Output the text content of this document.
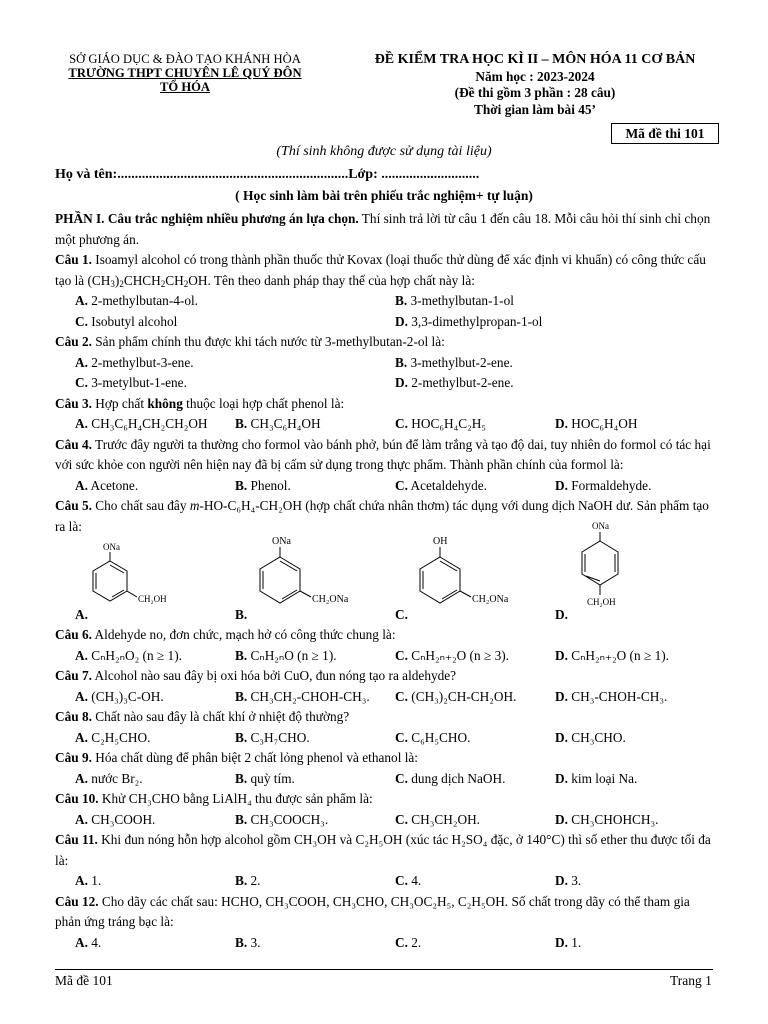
SỞ GIÁO DỤC & ĐÀO TẠO KHÁNH HÒA
TRƯỜNG THPT CHUYÊN LÊ QUÝ ĐÔN
TỔ HÓA
ĐỀ KIỂM TRA HỌC KÌ II – MÔN HÓA 11 CƠ BẢN
Năm học : 2023-2024
(Đề thi gồm 3 phần : 28 câu)
Thời gian làm bài 45’
Mã đề thi 101
(Thí sinh không được sử dụng tài liệu)
Họ và tên:..................................................................Lớp: ............................
( Học sinh làm bài trên phiếu trắc nghiệm+ tự luận)

PHẦN I. Câu trắc nghiệm nhiều phương án lựa chọn. Thí sinh trả lời từ câu 1 đến câu 18. Mỗi câu hỏi thí sinh chỉ chọn một phương án.

Câu 1. Isoamyl alcohol có trong thành phần thuốc thử Kovax (loại thuốc thử dùng để xác định vi khuẩn) có công thức cấu tạo là $(CH_3)_2CHCH_2CH_2OH$. Tên theo danh pháp thay thế của hợp chất này là:

A. 2-methylbutan-4-ol.	B. 3-methylbutan-1-ol
C. Isobutyl alcohol	D. 3,3-dimethylpropan-1-ol

Câu 2. Sản phẩm chính thu được khi tách nước từ 3-methylbutan-2-ol là:

A. 2-methylbut-3-ene.	B. 3-methylbut-2-ene.
C. 3-metylbut-1-ene.	D. 2-methylbut-2-ene.

Câu 3. Hợp chất không thuộc loại hợp chất phenol là:

A. CH₃C₆H₄CH₂CH₂OH	B. CH₃C₆H₄OH	C. HOC₆H₄C₂H₅	D. HOC₆H₄OH

Câu 4. Trước đây người ta thường cho formol vào bánh phở, bún để làm trắng và tạo độ dai, tuy nhiên do formol có tác hại với sức khỏe con người nên hiện nay đã bị cấm sử dụng trong thực phẩm. Thành phần chính của formol là:

A. Acetone.	B. Phenol.	C. Acetaldehyde.	D. Formaldehyde.

Câu 5. Cho chất sau đây m-HO-C₆H₄-CH₂OH (hợp chất chứa nhân thơm) tác dụng với dung dịch NaOH dư. Sản phẩm tạo ra là:

ONa
CH₂OH
A.
ONa
CH₂ONa
B.
OH
CH₂ONa
C.
ONa
CH₂OH
D.

Câu 6. Aldehyde no, đơn chức, mạch hở có công thức chung là:

A. CₙH₂ₙO₂ (n ≥ 1).	B. CₙH₂ₙO (n ≥ 1).	C. CₙH₂ₙ₊₂O (n ≥ 3).	D. CₙH₂ₙ₊₂O (n ≥ 1).

Câu 7. Alcohol nào sau đây bị oxi hóa bởi CuO, đun nóng tạo ra aldehyde?

A. (CH₃)₃C-OH.	B. CH₃CH₂-CHOH-CH₃.	C. (CH₃)₂CH-CH₂OH.	D. CH₃-CHOH-CH₃.

Câu 8. Chất nào sau đây là chất khí ở nhiệt độ thường?

A. C₂H₅CHO.	B. C₃H₇CHO.	C. C₆H₅CHO.	D. CH₃CHO.

Câu 9. Hóa chất dùng để phân biệt 2 chất lỏng phenol và ethanol là:

A. nước Br₂.	B. quỳ tím.	C. dung dịch NaOH.	D. kim loại Na.

Câu 10. Khử CH₃CHO bằng LiAlH₄ thu được sản phẩm là:

A. CH₃COOH.	B. CH₃COOCH₃.	C. CH₃CH₂OH.	D. CH₃CHOHCH₃.

Câu 11. Khi đun nóng hỗn hợp alcohol gồm CH₃OH và C₂H₅OH (xúc tác H₂SO₄ đặc, ở 140°C) thì số ether thu được tối đa là:

A. 1.	B. 2.	C. 4.	D. 3.

Câu 12. Cho dãy các chất sau: HCHO, CH₃COOH, CH₃CHO, CH₃OC₂H₅, C₂H₅OH. Số chất trong dãy có thể tham gia phản ứng tráng bạc là:

A. 4.	B. 3.	C. 2.	D. 1.
Mã đề 101	Trang 1
